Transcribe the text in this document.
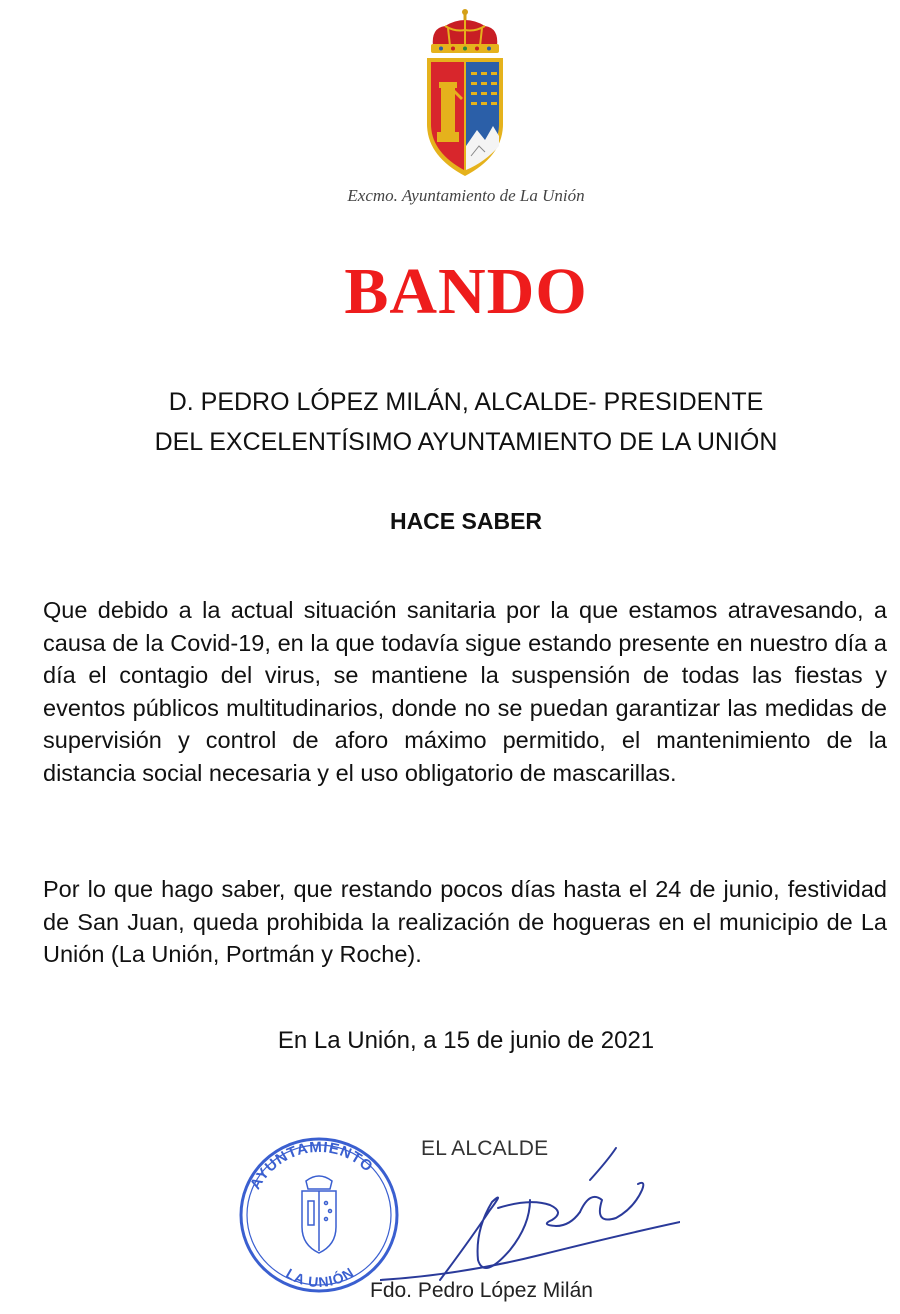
Excmo. Ayuntamiento de La Unión
BANDO
D. PEDRO LÓPEZ MILÁN, ALCALDE- PRESIDENTE
DEL EXCELENTÍSIMO AYUNTAMIENTO DE LA UNIÓN
HACE SABER
Que debido a la actual situación sanitaria por la que estamos atravesando, a causa de la Covid-19, en la que todavía sigue estando presente en nuestro día a día el contagio del virus, se mantiene la suspensión de todas las fiestas y eventos públicos multitudinarios, donde no se puedan garantizar las medidas de supervisión y control de aforo máximo permitido, el mantenimiento de la distancia social necesaria y el uso obligatorio de mascarillas.
Por lo que hago saber, que restando pocos días hasta el 24 de junio, festividad de San Juan, queda prohibida la realización de hogueras en el municipio de La Unión (La Unión, Portmán y Roche).
En La Unión, a 15 de junio de 2021
AYUNTAMIENTO
LA UNIÓN
EL ALCALDE
Fdo. Pedro López Milán
